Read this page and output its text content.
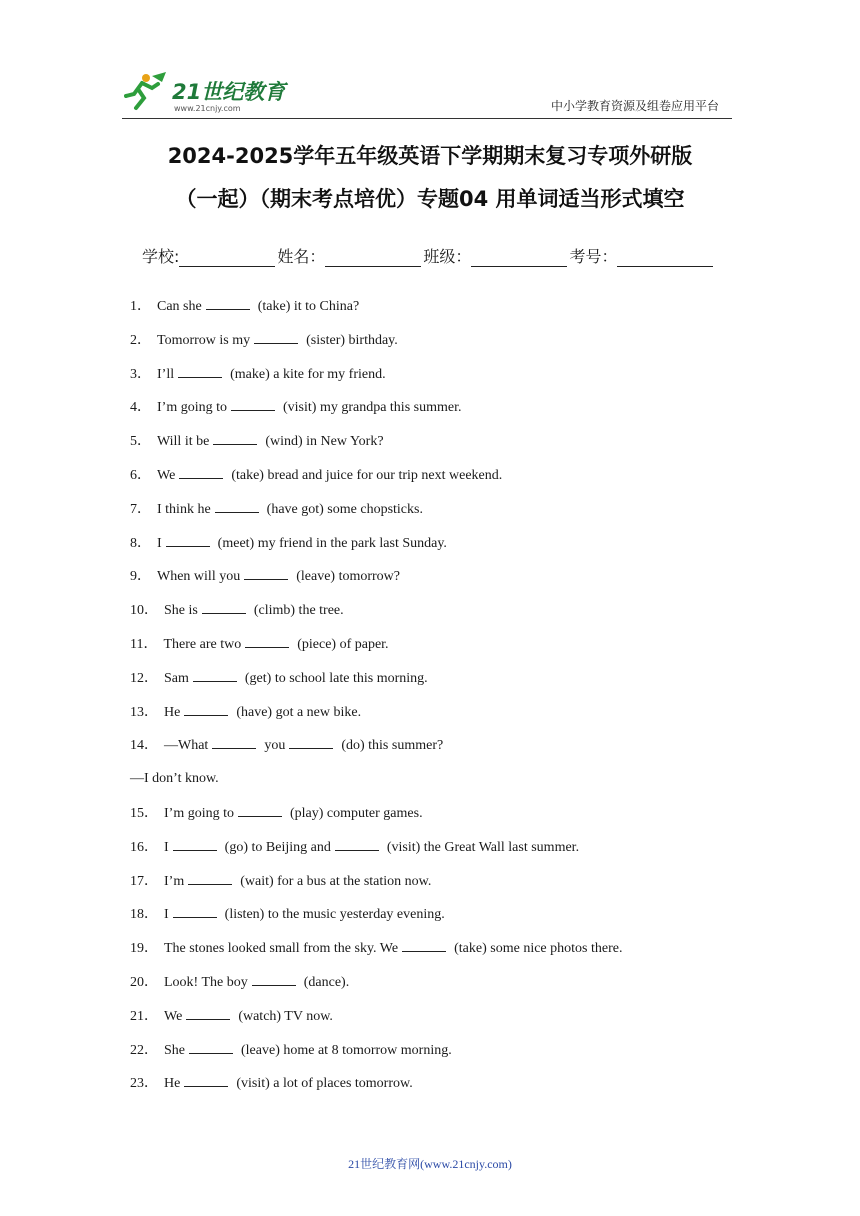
21世纪教育
www.21cnjy.com	中小学教育资源及组卷应用平台
2024-2025学年五年级英语下学期期末复习专项外研版
（一起）（期末考点培优）专题04 用单词适当形式填空
学校:	姓名：	班级：	考号：
1． Can she	(take) it to China?
2． Tomorrow is my	(sister) birthday.
3． I’ll	(make) a kite for my friend.
4． I’m going to	(visit) my grandpa this summer.
5． Will it be	(wind) in New York?
6． We	(take) bread and juice for our trip next weekend.
7． I think he	(have got) some chopsticks.
8． I	(meet) my friend in the park last Sunday.
9． When will you	(leave) tomorrow?
10． She is	(climb) the tree.
11． There are two	(piece) of paper.
12． Sam	(get) to school late this morning.
13． He	(have) got a new bike.
14． —What	you	(do) this summer?
—I don’t know.
15． I’m going to	(play) computer games.
16． I	(go) to Beijing and	(visit) the Great Wall last summer.
17． I’m	(wait) for a bus at the station now.
18． I	(listen) to the music yesterday evening.
19． The stones looked small from the sky. We	(take) some nice photos there.
20． Look! The boy	(dance).
21． We	(watch) TV now.
22． She	(leave) home at 8 tomorrow morning.
23． He	(visit) a lot of places tomorrow.
21世纪教育网(www.21cnjy.com)
